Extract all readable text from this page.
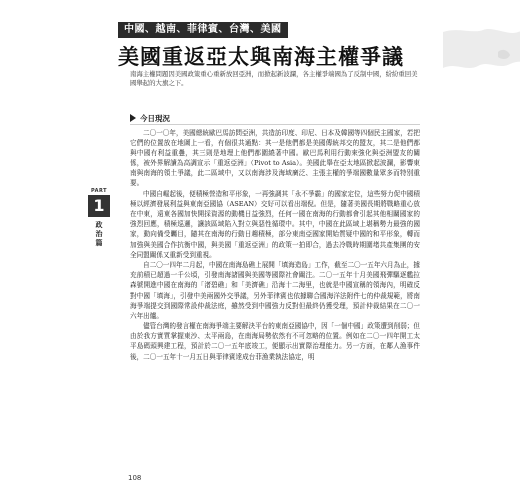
中國、越南、菲律賓、台灣、美國
美國重返亞太與南海主權爭議
南海主權問題因美國政策重心重新放回亞洲，而掀起新波瀾，各主權爭端國為了反制中國，紛紛重回美國舉起的大旗之下。
今日現況
PART
1
政
治
篇

二〇一〇年，美國總統歐巴馬訪問亞洲，共造訪印度、印尼、日本及韓國等四個民主國家，若把它們的位置放在地圖上一看，有個很共通點：其一是他們都是美國傳統邦交的盟友，其二是他們都與中國有利益重疊，其三則是地理上他們都圍繞著中國。歐巴馬利用行動來強化與亞洲盟友的關係，被外界解讀為高調宣示「重返亞洲」（Pivot to Asia）。美國此舉在亞太地區掀起波瀾，影響東南與南海的領土爭議，此二區域中，又以南海涉及海域廣泛、主張主權的爭端國數量眾多而特別重要。

中國自崛起後，便積極營造和平形象，一再強調其「永不爭霸」的國家定位，這些努力促中國積極以經濟發展利益與東南亞國協（ASEAN）交好可以看出端倪。但是，隨著美國長期將戰略重心放在中東，遠東各國加快開採資源的動機日益強烈，任何一國在南海的行動都會引起其他相關國家的強烈回應，積極巡邏，讓該區域陷入對立與惡性循環中。其中，中國在此區域上堪稱勢力最強的國家，動向備受矚目，隨其在南海的行動日趨積極，部分東南亞國家開始質疑中國的和平形象，轉而加強與美國合作抗衡中國，與美國「重返亞洲」的政策一拍即合，過去冷戰時期圍堵共產集團的安全同盟關係又重新受到重視。

自二〇一四年二月起，中國在南海島礁上展開「填海造島」工作，截至二〇一五年六月為止，據充前積已超過一千公頃，引發南海諸國與美國等國際社會關注。二〇一五年十月美國飛彈驅逐艦拉森號開進中國在南海的「渚碧礁」和「美濟礁」沿海十二海里，也就是中國宣稱的領海內，明確反對中國「填海」，引發中美兩國外交爭議，另外菲律賓也依據聯合國海洋法附件七的仲裁規範，將南海爭端提交到國際常設仲裁法庭，雖然受到中國強力反對但最終仍獲受理，預計仲裁結果在二〇一六年出爐。

儘管台灣的發言權在南海爭端主要解決平台的東南亞國協中，因「一個中國」政策遭到削弱；但由於我方實質掌握東沙、太平兩島，在南海局勢依然有不可忽略的位置。例如在二〇一四年開工太平島碼頭興建工程，預計於二〇一五年底竣工，便顯示出實際治理能力。另一方面，在鄰人漁事件後，二〇一五年十一月五日與菲律賓達成台菲漁業執法協定，明

108
